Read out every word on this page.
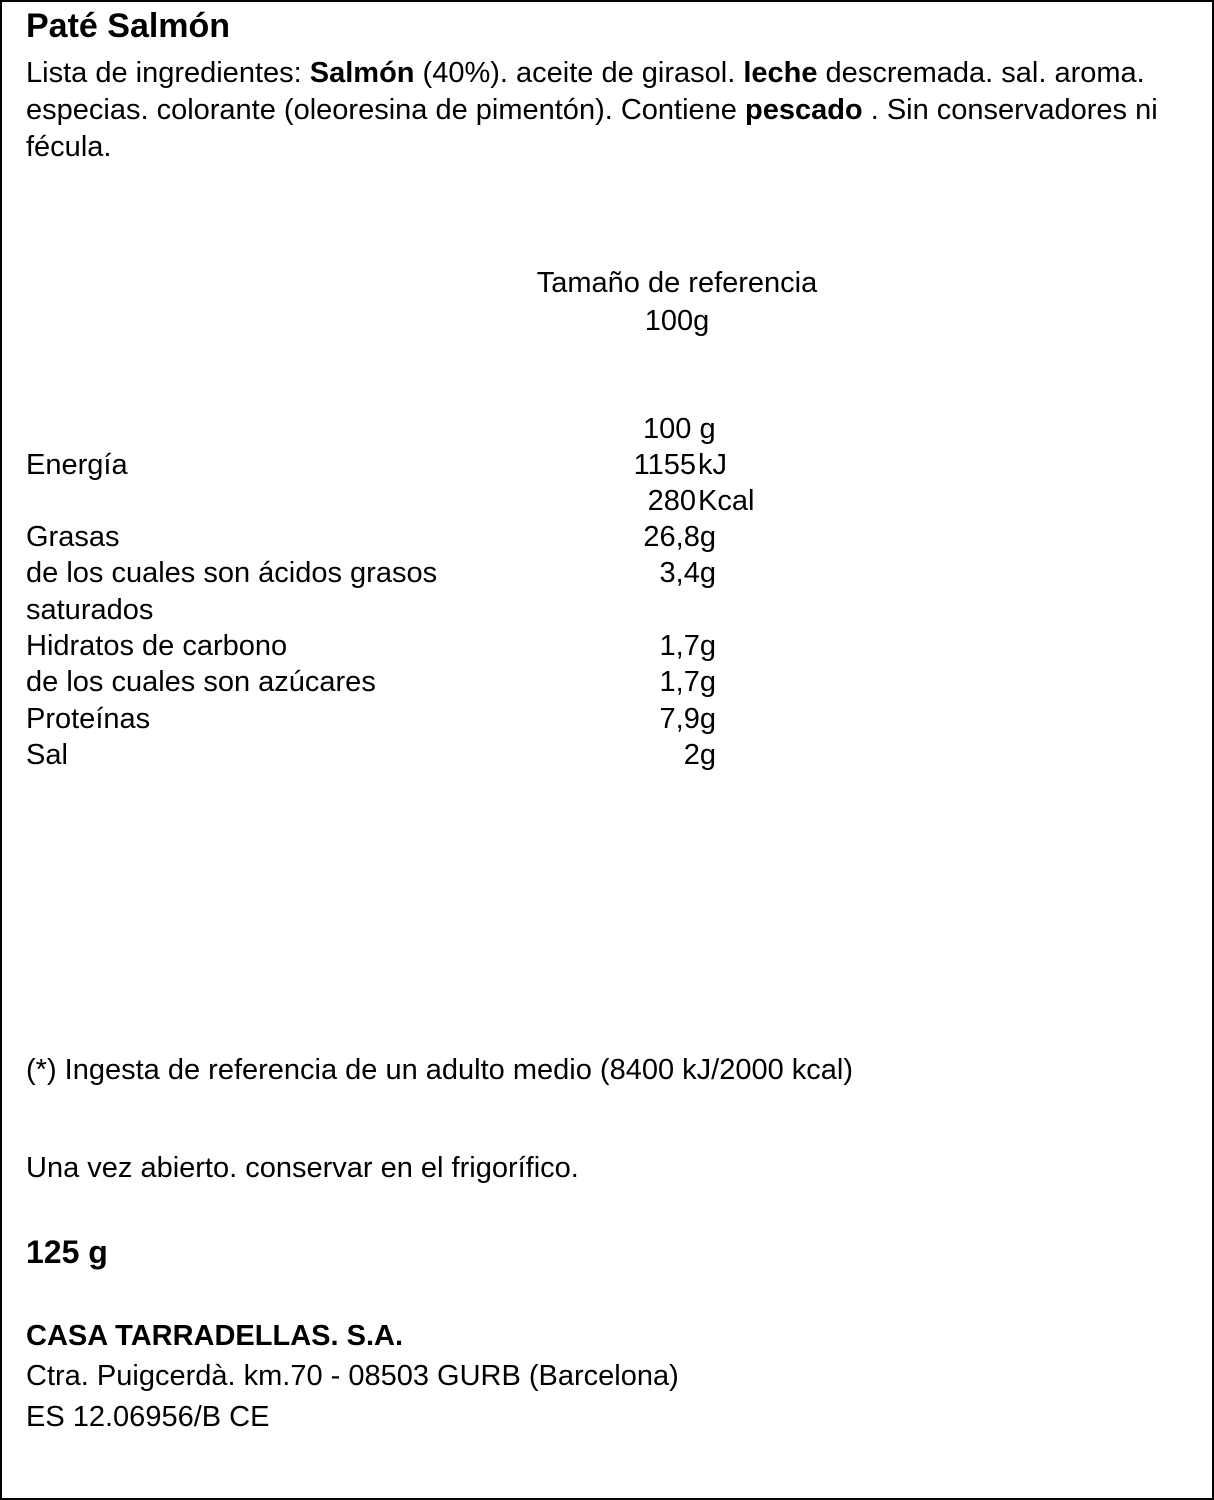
Paté Salmón

Lista de ingredientes: Salmón (40%). aceite de girasol. leche descremada. sal. aroma. especias. colorante (oleoresina de pimentón). Contiene pescado . Sin conservadores ni fécula.

Tamaño de referencia
100g
100 g
Energía	1155 kJ
280 Kcal
Grasas	26,8g
de los cuales son ácidos grasos	3,4g
saturados
Hidratos de carbono	1,7g
de los cuales son azúcares	1,7g
Proteínas	7,9g
Sal	2g
(*) Ingesta de referencia de un adulto medio (8400 kJ/2000 kcal)
Una vez abierto. conservar en el frigorífico.
125 g
CASA TARRADELLAS. S.A.
Ctra. Puigcerdà. km.70 - 08503 GURB (Barcelona)
ES 12.06956/B CE
